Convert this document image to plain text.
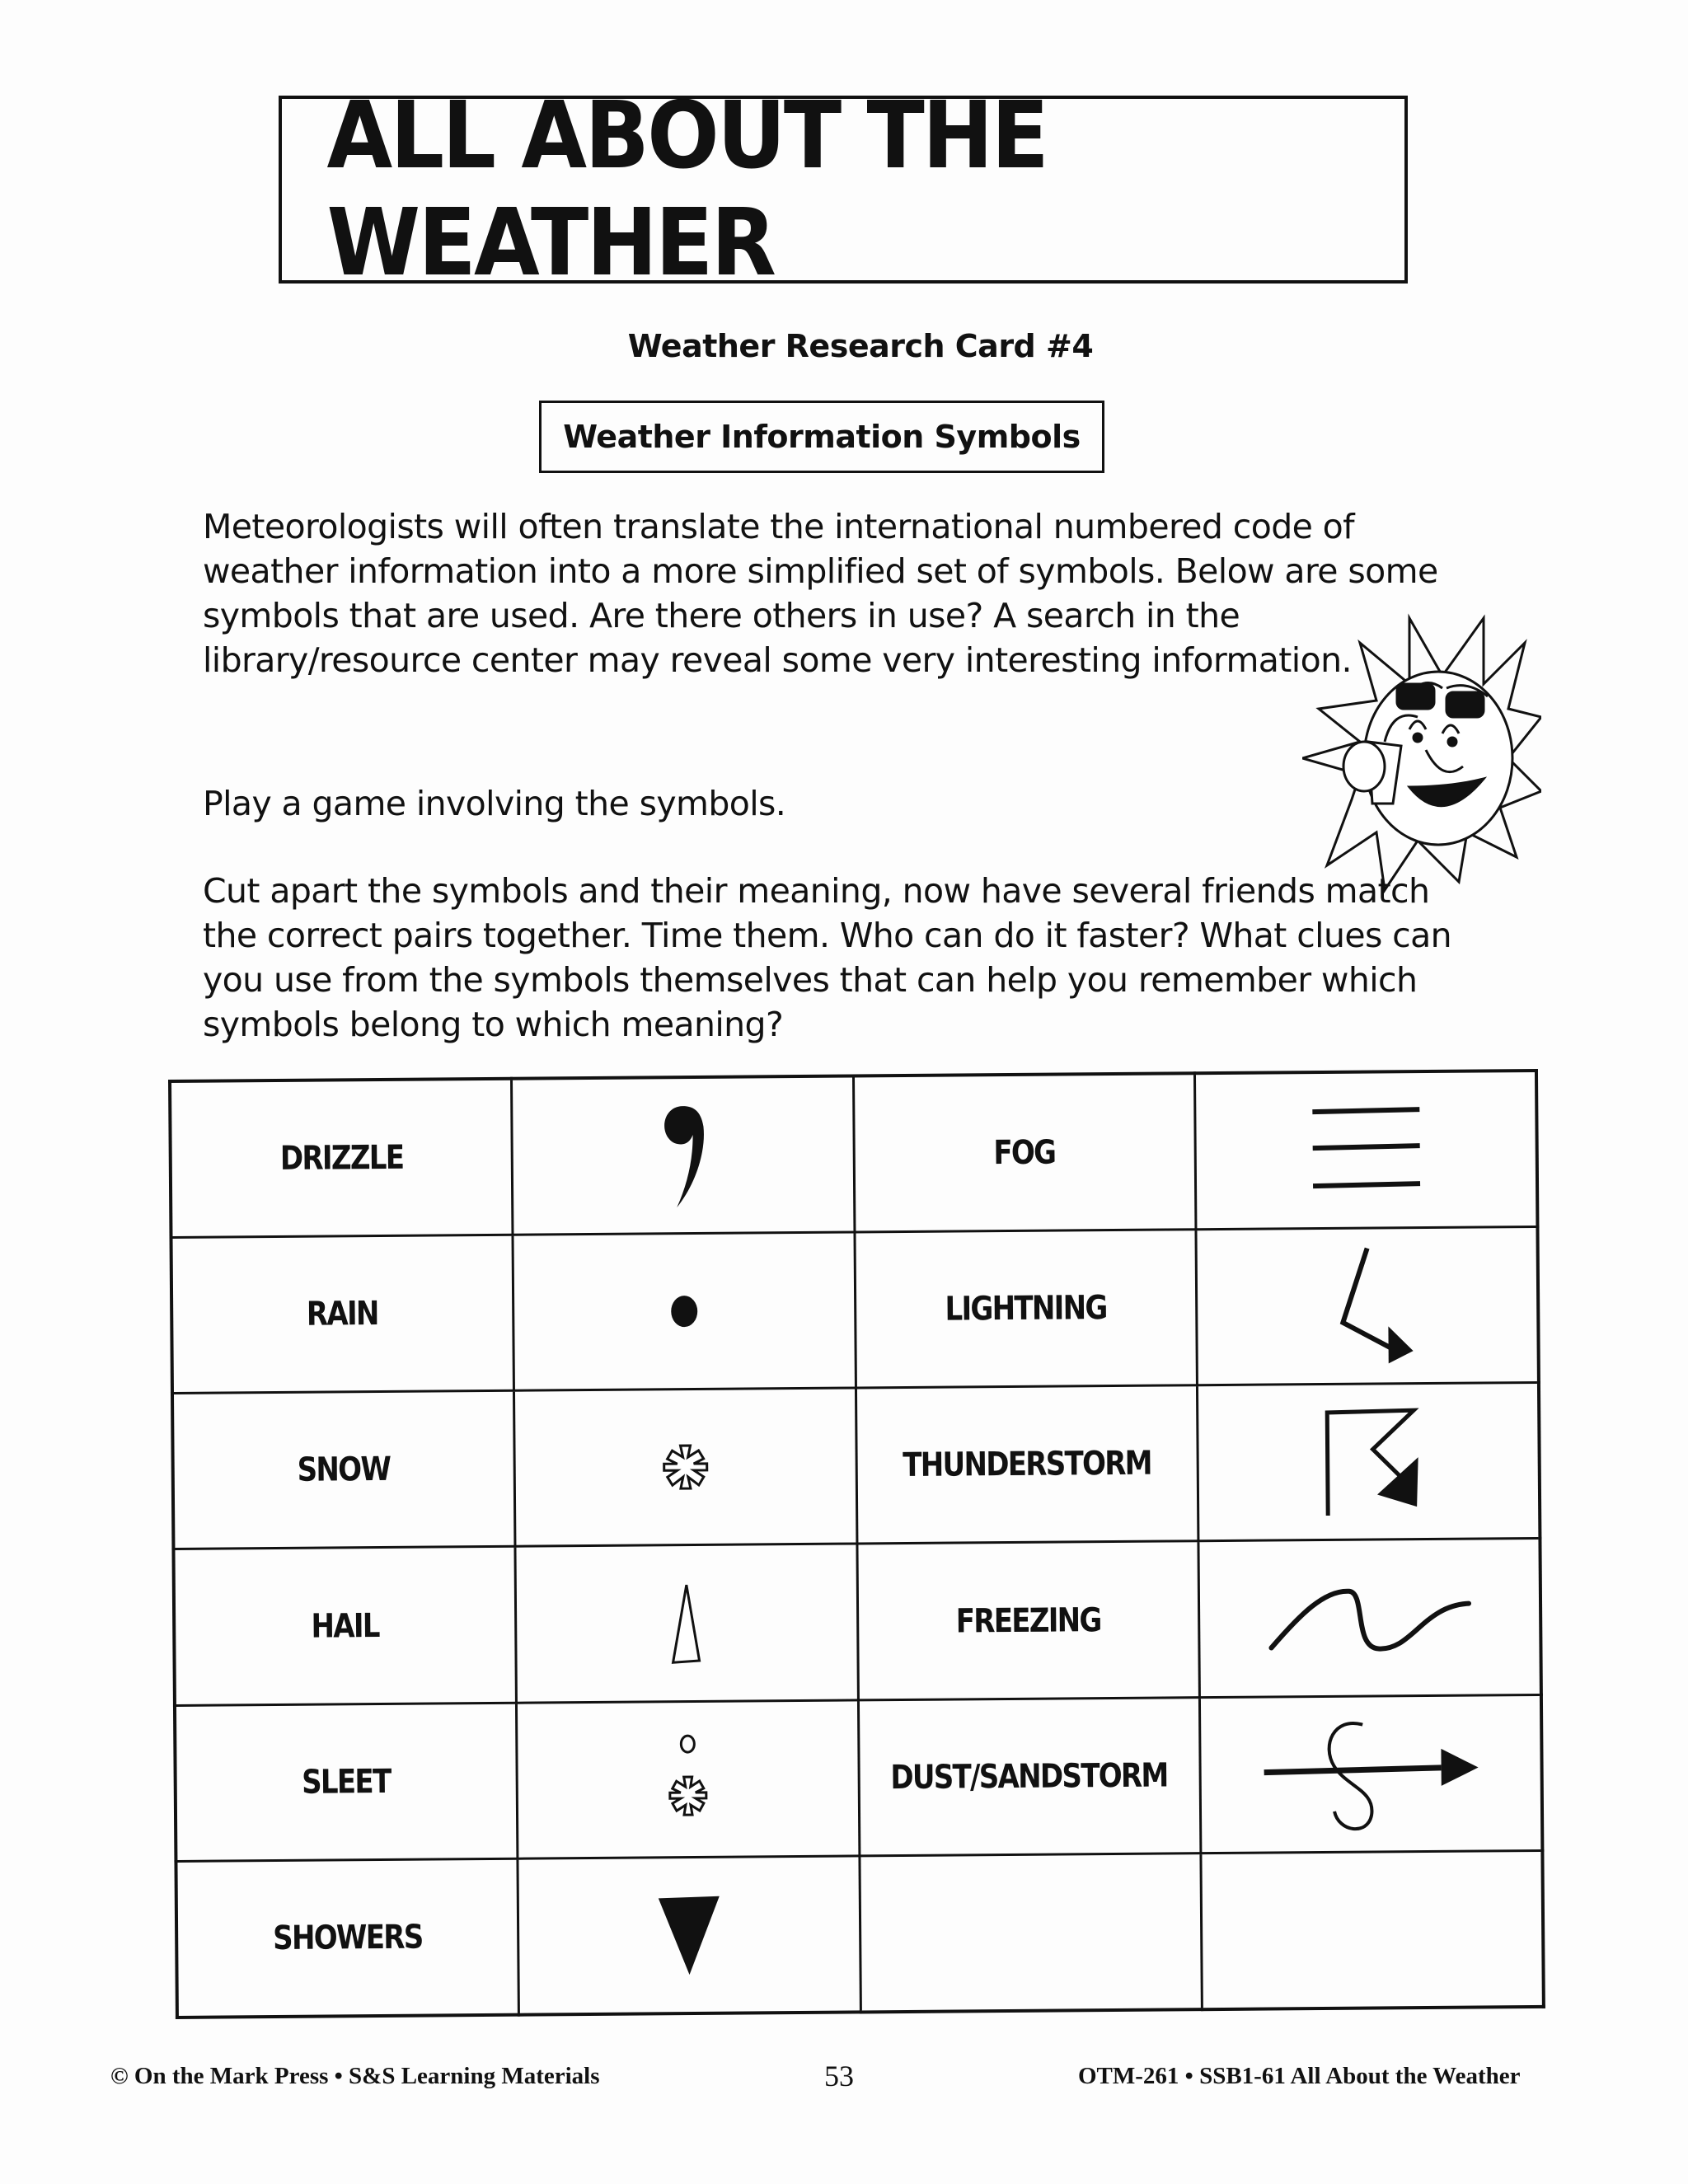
ALL ABOUT THE WEATHER
Weather Research Card #4
Weather Information Symbols
Meteorologists will often translate the international numbered code of weather information into a more simplified set of symbols. Below are some symbols that are used. Are there others in use? A search in the library/resource center may reveal some very interesting information.
Play a game involving the symbols.
Cut apart the symbols and their meaning, now have several friends match the correct pairs together. Time them. Who can do it faster? What clues can you use from the symbols themselves that can help you remember which symbols belong to which meaning?
DRIZZLE		FOG	

RAIN		LIGHTNING	

SNOW		THUNDERSTORM	

HAIL		FREEZING	

SLEET		DUST/SANDSTORM	

SHOWERS	

© On the Mark Press • S&S Learning Materials	53	OTM-261 • SSB1-61 All About the Weather
